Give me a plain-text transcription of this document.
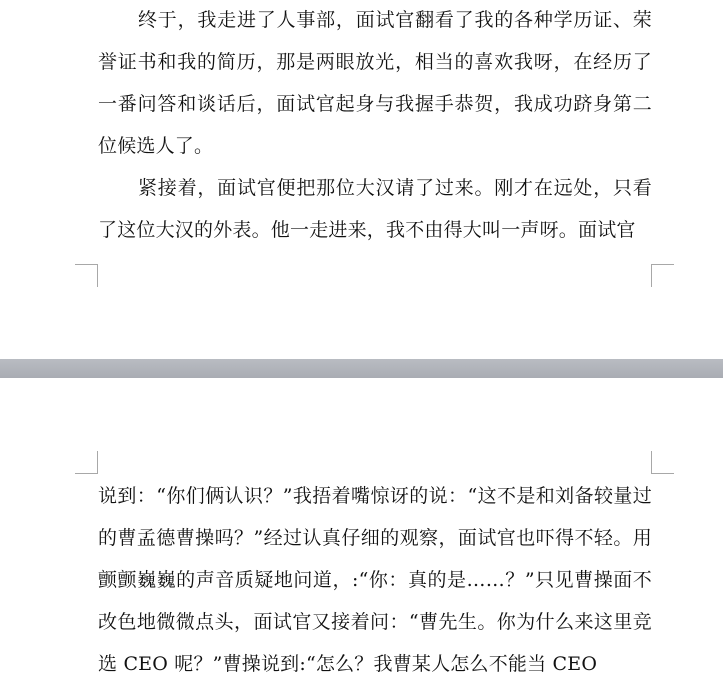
终于，我走进了人事部，面试官翻看了我的各种学历证、荣誉证书和我的简历，那是两眼放光，相当的喜欢我呀，在经历了一番问答和谈话后，面试官起身与我握手恭贺，我成功跻身第二位候选人了。

紧接着，面试官便把那位大汉请了过来。刚才在远处，只看了这位大汉的外表。他一走进来，我不由得大叫一声呀。面试官

说到：“你们俩认识？”我捂着嘴惊讶的说：“这不是和刘备较量过的曹孟德曹操吗？”经过认真仔细的观察，面试官也吓得不轻。用颤颤巍巍的声音质疑地问道，:“你：真的是……？”只见曹操面不改色地微微点头，面试官又接着问：“曹先生。你为什么来这里竞选 CEO 呢？”曹操说到:“怎么？我曹某人怎么不能当 CEO
